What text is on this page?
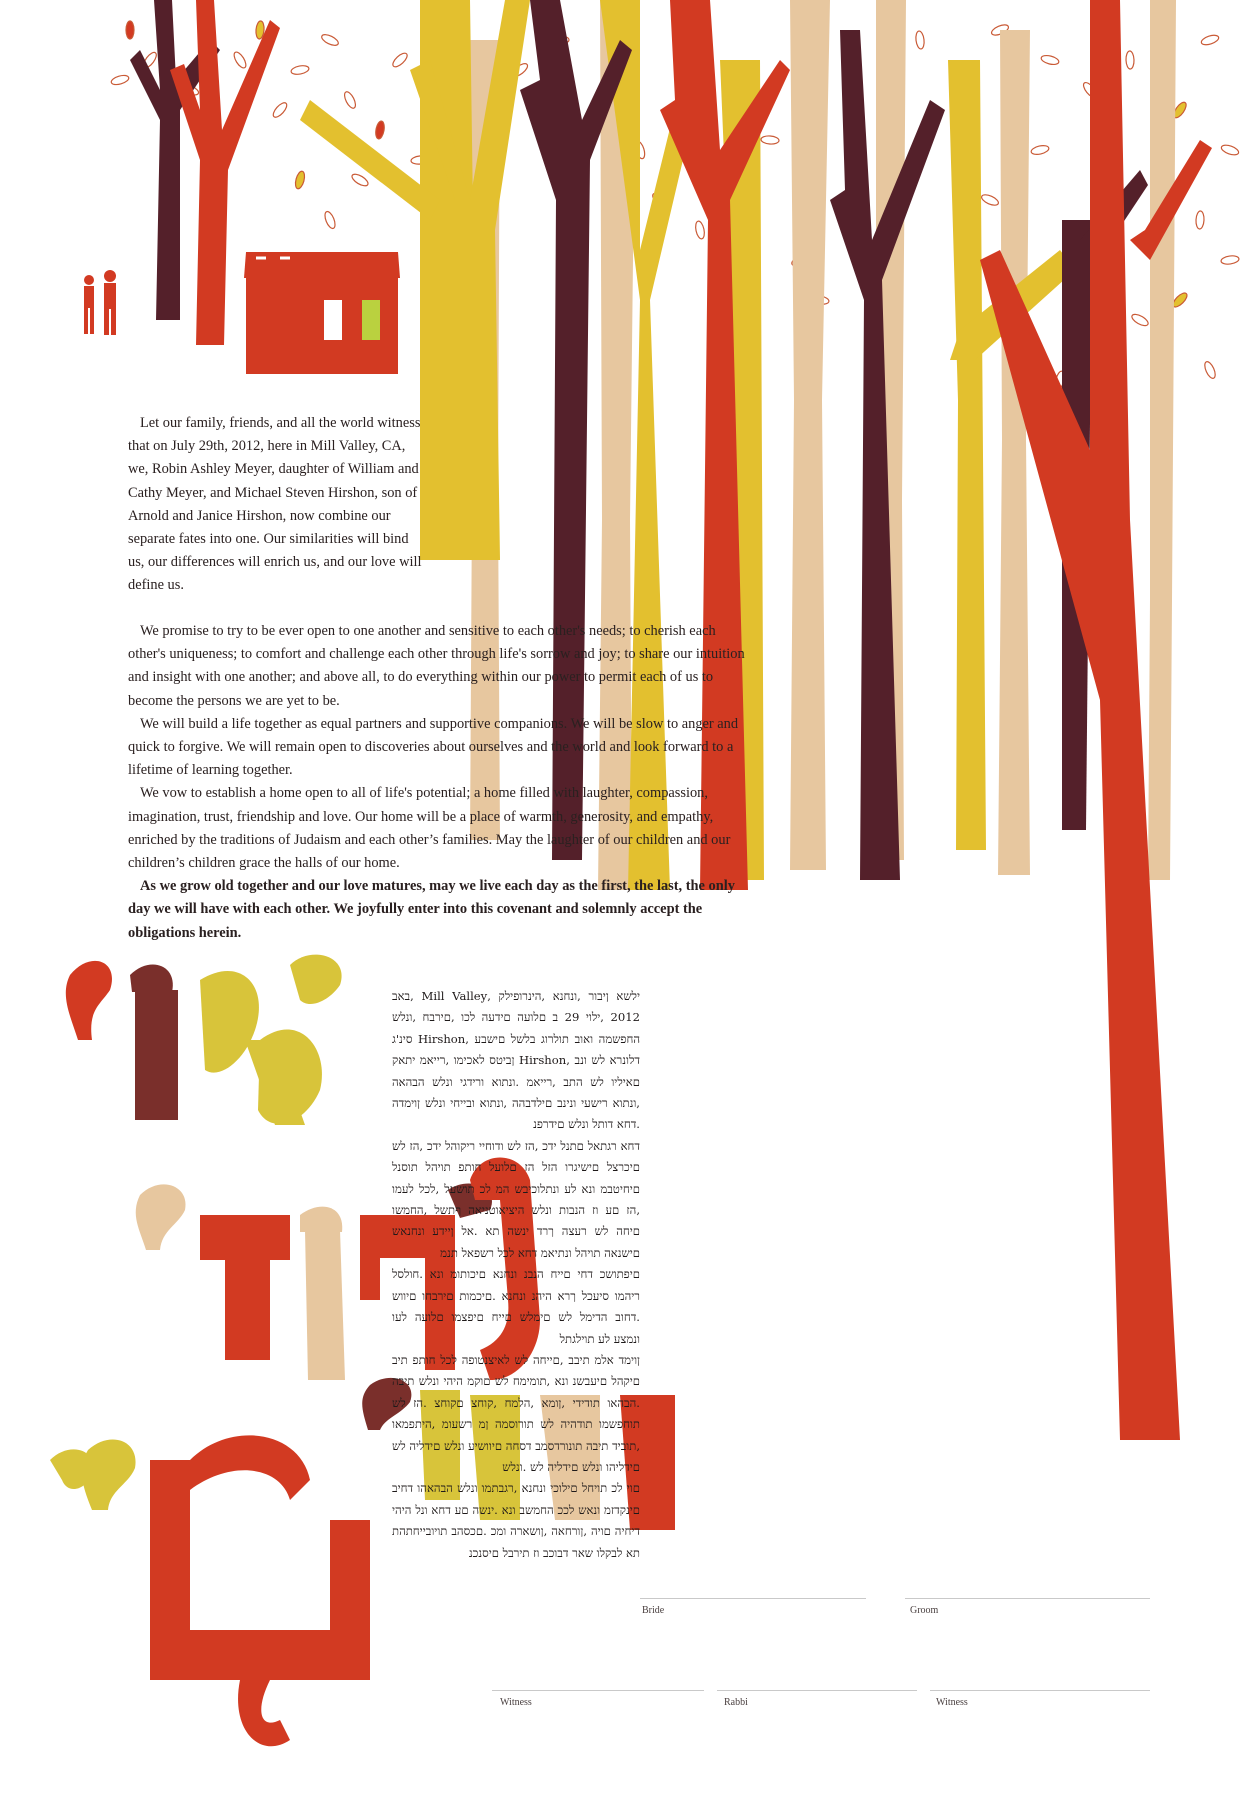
Let our family, friends, and all the world witness that on July 29th, 2012, here in Mill Valley, CA, we, Robin Ashley Meyer, daughter of William and Cathy Meyer, and Michael Steven Hirshon, son of Arnold and Janice Hirshon, now combine our separate fates into one. Our similarities will bind us, our differences will enrich us, and our love will define us.

We promise to try to be ever open to one another and sensitive to each other's needs; to cherish each other's uniqueness; to comfort and challenge each other through life's sorrow and joy; to share our intuition and insight with one another; and above all, to do everything within our power to permit each of us to become the persons we are yet to be.

We will build a life together as equal partners and supportive companions. We will be slow to anger and quick to forgive. We will remain open to discoveries about ourselves and the world and look forward to a lifetime of learning together.

We vow to establish a home open to all of life's potential; a home filled with laughter, compassion, imagination, trust, friendship and love. Our home will be a place of warmth, generosity, and empathy, enriched by the traditions of Judaism and each other’s families. May the laughter of our children and our children’s children grace the halls of our home.

As we grow old together and our love matures, may we live each day as the first, the last, the only day we will have with each other. We joyfully enter into this covenant and solemnly accept the obligations herein.

ילשא ןיבור ,ונחנא ,הינרופילק ,Mill Valley ,באב 2012 ,ילוי 29 ב םלועה םידעה לכו ,םירבח ,ונלש החפשמה ואוב תולרוג בלשל םישבע ,Hirshon סינ'ג דלונרא לש ונב ,Hirshon ןביטס לאכימו ,רייאמ יתאק םאיליו לש התב ,רייאמ .ונתוא ורידגי ונלש הבהאה ,ונתוא רישעי ונינב םילדבהה ,ונתוא ובייחי ונלש ןוימדה .דחא דותל ונלש םידרפנ

דחא רגתאל םתנל ידכ ,הז לש ודוחיי ריקוהל ידכ ,הז לש םיכרצל םישיגרו הזל הז םלועל חותפ תויהל תוסנל םיחיטבמ ונא לע ונתלוכיבש המ לכ תושעל ,לכל לעמו ,הז םע וז הנבות ונלש היציאוטניאה ףתשל ,החמשו םיחה לש רעצה ךרד ינשה תא .אל ןיידע ונחנאש םישנאה תויהל ונתיאמ דחא לכל רשפאל תנמ

םיפתושכ דחי םייח הנבנ ונחנא םיכותומ ונא .חולסל ריהמו סיעכל ךרא היהנ ונחנא .םיכמות םירבחו םיווש .דחוב הדימל לש םימלש םייח םיפצמו םלועה לעו ונמצע לע תוילגתל

ןוימד אלמ תיבב ,םייחה לש לאיצנטופה לכל חותפ תיב םיקהל םיעבשנ ונא ,תומימח לש םוקמ היהי ונלש תיבה .הבהאו תודידי ,ןומא ,הלמח ,קוחצ םקוחצ .הז לש תוחפשמו תודהיה לש תורוסמה ןמ רשעומ ,היתפמאו ,תוביד תיבה תונורדסמב דסחה םיוושיע ונלש םידליה לש םידליהו ונלש םידליה לש .ונלש

םוי לכ תויחל םילוכי ונחנא ,רגבתמו ונלש הבהאהו דחיב םינקדזמ ונאש לככ החמשב ונא .ינשה םע דחא ונל היהי דיחיה םויה ,ןורחאה ,ןושארה ומכ .םכסהב תויובייחתהת תא לבקלו שאר דבוכב וז תירבל םיסנכנ

Bride	Groom
Witness	Rabbi	Witness
